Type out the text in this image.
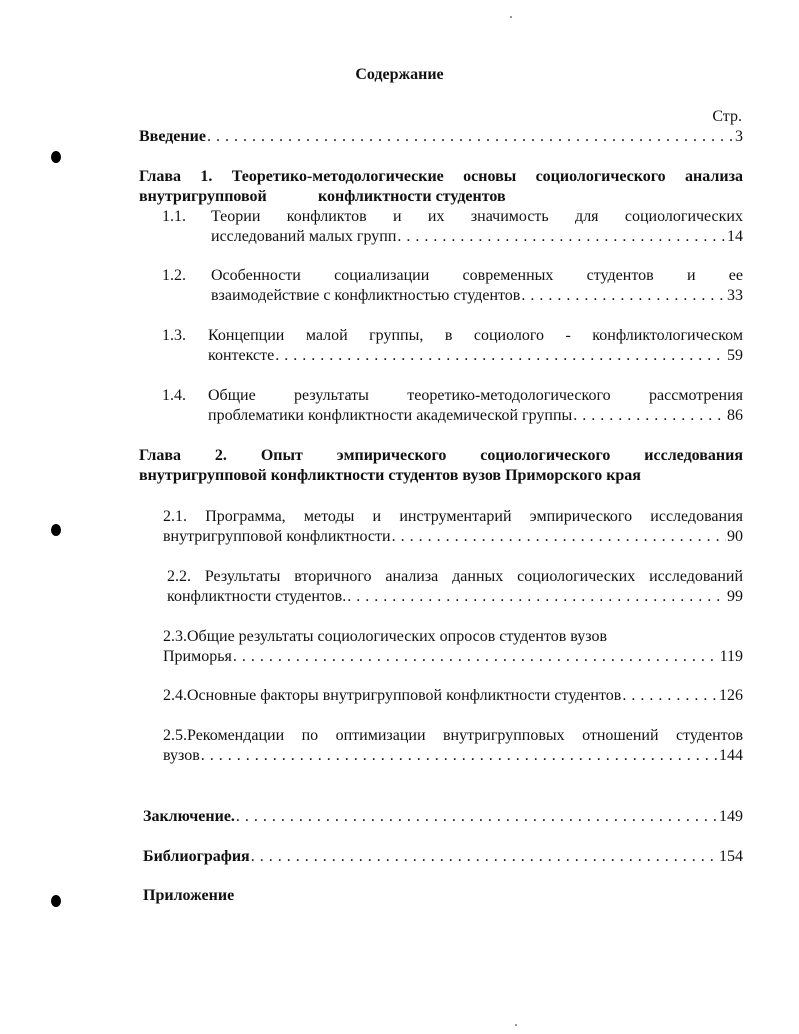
Содержание
Стр.
Введение . . .	3
Глава 1. Теоретико-методологические основы социологического анализа
внутригрупповой	конфликтности студентов
1.1. Теории конфликтов и их значимость для социологических
исследований малых групп . . .	14
1.2. Особенности социализации современных студентов и ее
взаимодействие с конфликтностью студентов . . .	33
1.3. Концепции малой группы, в социолого - конфликтологическом
контексте . . .	59
1.4. Общие результаты теоретико-методологического рассмотрения
проблематики конфликтности академической группы . . .	86
Глава 2. Опыт эмпирического социологического исследования
внутригрупповой конфликтности студентов вузов Приморского края
2.1. Программа, методы и инструментарий эмпирического исследования
внутригрупповой конфликтности . . .	90
2.2. Результаты вторичного анализа данных социологических исследований
конфликтности студентов. . . .	99
2.3.Общие результаты социологических опросов студентов вузов
Приморья . . .	119
2.4.Основные факторы внутригрупповой конфликтности студентов . . .	126
2.5.Рекомендации по оптимизации внутригрупповых отношений студентов
вузов . . .	144
Заключение. . . .	149
Библиография . . .	154
Приложение
